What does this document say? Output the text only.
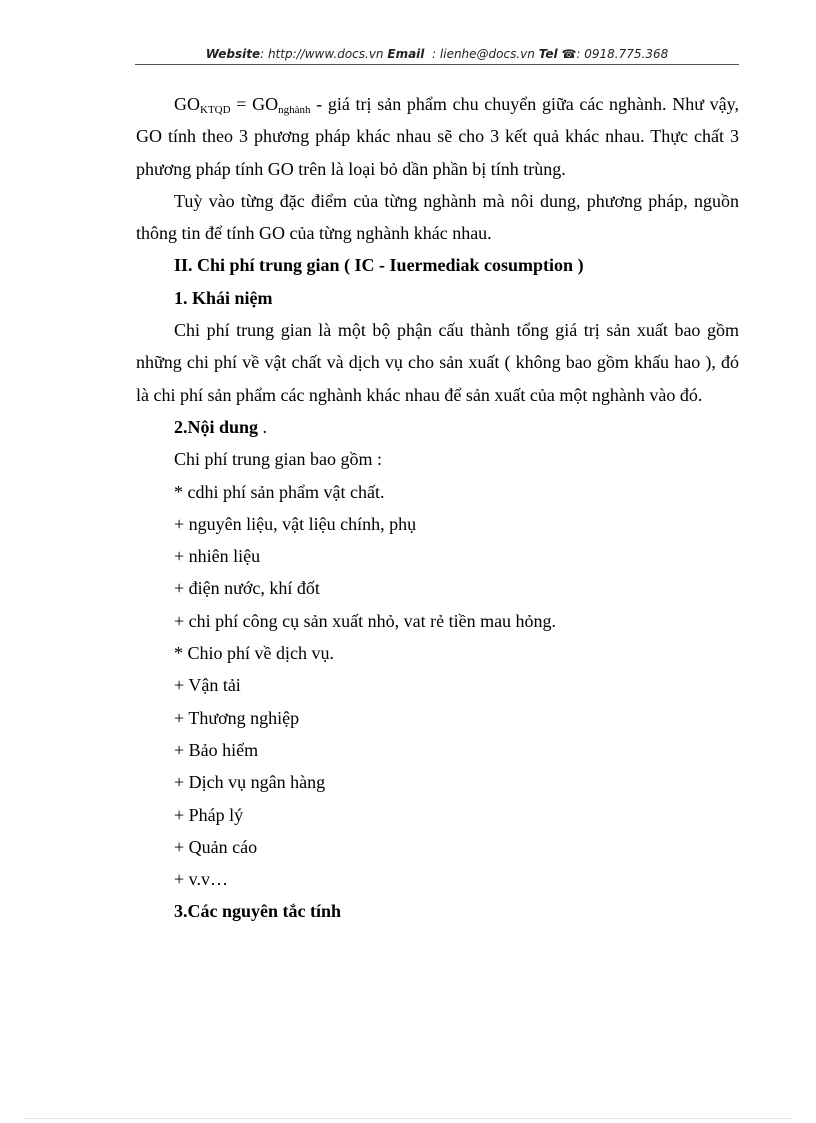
Website: http://www.docs.vn Email : lienhe@docs.vn Tel ☎: 0918.775.368

$GO_{KTQD} = GO_{nghành}$ - giá trị sản phẩm chu chuyển giữa các nghành. Như vậy, GO tính theo 3 phương pháp khác nhau sẽ cho 3 kết quả khác nhau. Thực chất 3 phương pháp tính GO trên là loại bỏ dần phần bị tính trùng.

Tuỳ vào từng đặc điểm của từng nghành mà nôi dung, phương pháp, nguồn thông tin để tính GO của từng nghành khác nhau.

II. Chi phí trung gian ( IC - Iuermediak cosumption )

1. Khái niệm

Chi phí trung gian là một bộ phận cấu thành tổng giá trị sản xuất bao gồm những chi phí về vật chất và dịch vụ cho sản xuất ( không bao gồm khấu hao ), đó là chi phí sản phẩm các nghành khác nhau để sản xuất của một nghành vào đó.

2.Nội dung .

Chi phí trung gian bao gồm :

* cdhi phí sản phẩm vật chất.

+ nguyên liệu, vật liệu chính, phụ

+ nhiên liệu

+ điện nước, khí đốt

+ chi phí công cụ sản xuất nhỏ, vat rẻ tiền mau hỏng.

* Chio phí về dịch vụ.

+ Vận tải

+ Thương nghiệp

+ Bảo hiểm

+ Dịch vụ ngân hàng

+ Pháp lý

+ Quản cáo

+ v.v…

3.Các nguyên tắc tính
